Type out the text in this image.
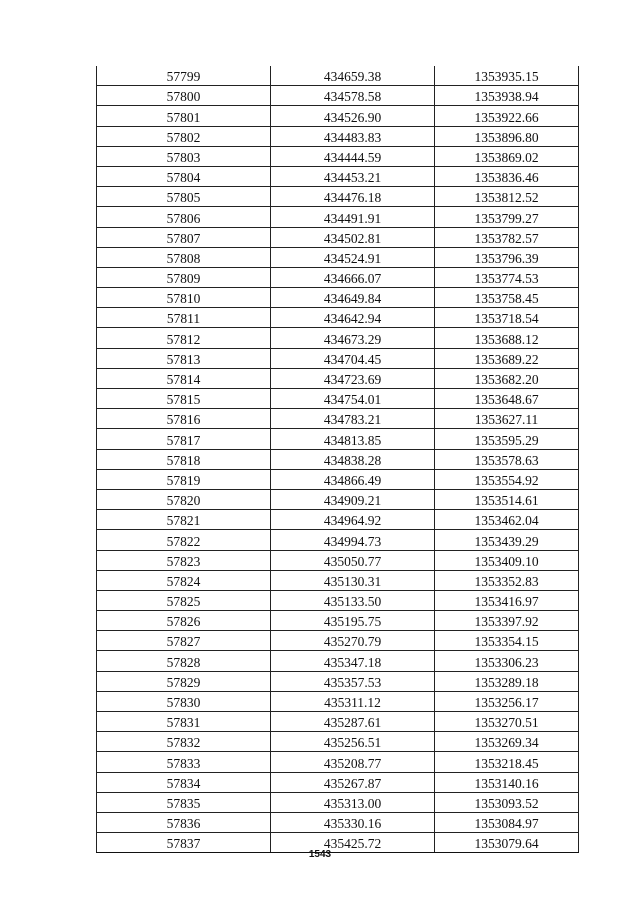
57799	434659.38	1353935.15
57800	434578.58	1353938.94
57801	434526.90	1353922.66
57802	434483.83	1353896.80
57803	434444.59	1353869.02
57804	434453.21	1353836.46
57805	434476.18	1353812.52
57806	434491.91	1353799.27
57807	434502.81	1353782.57
57808	434524.91	1353796.39
57809	434666.07	1353774.53
57810	434649.84	1353758.45
57811	434642.94	1353718.54
57812	434673.29	1353688.12
57813	434704.45	1353689.22
57814	434723.69	1353682.20
57815	434754.01	1353648.67
57816	434783.21	1353627.11
57817	434813.85	1353595.29
57818	434838.28	1353578.63
57819	434866.49	1353554.92
57820	434909.21	1353514.61
57821	434964.92	1353462.04
57822	434994.73	1353439.29
57823	435050.77	1353409.10
57824	435130.31	1353352.83
57825	435133.50	1353416.97
57826	435195.75	1353397.92
57827	435270.79	1353354.15
57828	435347.18	1353306.23
57829	435357.53	1353289.18
57830	435311.12	1353256.17
57831	435287.61	1353270.51
57832	435256.51	1353269.34
57833	435208.77	1353218.45
57834	435267.87	1353140.16
57835	435313.00	1353093.52
57836	435330.16	1353084.97
57837	435425.72	1353079.64
1543
